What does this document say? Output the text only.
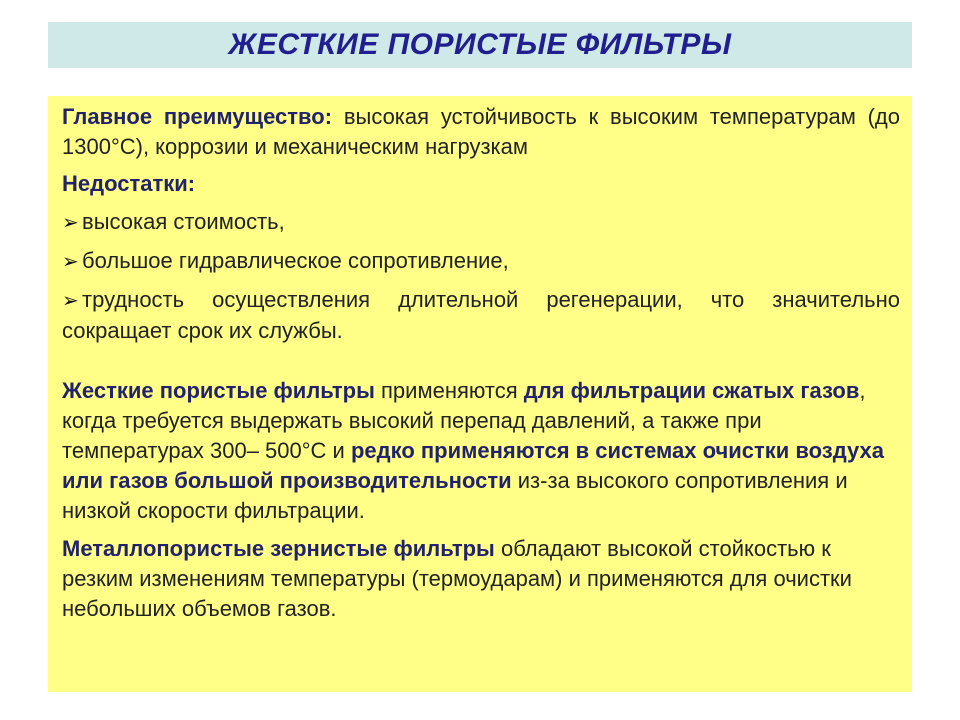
ЖЕСТКИЕ ПОРИСТЫЕ ФИЛЬТРЫ

Главное преимущество: высокая устойчивость к высоким температурам (до 1300°С), коррозии и механическим нагрузкам

Недостатки:

➢ высокая стоимость,

➢ большое гидравлическое сопротивление,

➢ трудность осуществления длительной регенерации, что значительно сокращает срок их службы.

Жесткие пористые фильтры применяются для фильтрации сжатых газов, когда требуется выдержать высокий перепад давлений, а также при температурах 300– 500°С и редко применяются в системах очистки воздуха или газов большой производительности из-за высокого сопротивления и низкой скорости фильтрации.

Металлопористые зернистые фильтры обладают высокой стойкостью к резким изменениям температуры (термоударам) и применяются для очистки небольших объемов газов.
